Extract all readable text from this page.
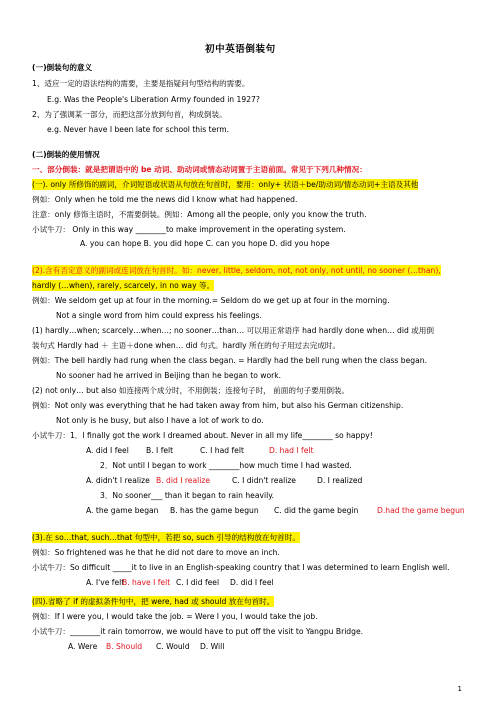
初中英语倒装句
(一)倒装句的意义
1、适应一定的语法结构的需要，主要是指疑问句型结构的需要。
E.g. Was the People's Liberation Army founded in 1927?
2、为了强调某一部分，而把这部分放到句首，构成倒装。
e.g. Never have I been late for school this term.
(二)倒装的使用情况
一、部分倒装：就是把谓语中的 be 动词、助动词或情态动词置于主语前面。常见于下列几种情况：
(一). only 所修饰的副词，介词短语或状语从句放在句首时，要用：only+ 状语＋be/助动词/情态动词+主语及其他
例如：Only when he told me the news did I know what had happened.
注意：only 修饰主语时，不需要倒装。例如：Among all the people, only you know the truth.
小试牛刀： Only in this way ________to make improvement in the operating system.
A. you can hope B. you did hope C. can you hope D. did you hope
(2).含有否定意义的副词或连词放在句首时。如：never, little, seldom, not, not only, not until, no sooner (…than),
hardly (…when), rarely, scarcely, in no way 等。
例如：We seldom get up at four in the morning.= Seldom do we get up at four in the morning.
Not a single word from him could express his feelings.
(1) hardly…when; scarcely…when…; no sooner…than… 可以用正常语序 had hardly done when… did 或用倒
装句式 Hardly had ＋ 主语＋done when… did 句式。hardly 所在的句子用过去完成时。
例如：The bell hardly had rung when the class began. = Hardly had the bell rung when the class began.
No sooner had he arrived in Beijing than he began to work.
(2) not only… but also 如连接两个成分时，不用倒装；连接句子时， 前面的句子要用倒装。
例如：Not only was everything that he had taken away from him, but also his German citizenship.
Not only is he busy, but also I have a lot of work to do.
小试牛刀：1．I finally got the work I dreamed about. Never in all my life________ so happy!
A. did I feel B. I felt	C. I had felt	D. had I felt
2．Not until I began to work ________how much time I had wasted.
A. didn't I realize B. did I realize	C. I didn't realize	D. I realized
3．No sooner___ than it began to rain heavily.
A. the game began B. has the game begun C. did the game begin D.had the game begun
(3).在 so…that, such…that 句型中，若把 so, such 引导的结构放在句首时。
例如：So frightened was he that he did not dare to move an inch.
小试牛刀：So difficult _____it to live in an English-speaking country that I was determined to learn English well.
A. I've felt
B. have I felt C. I did feel D. did I feel
(四).省略了 if 的虚拟条件句中，把 were, had 或 should 放在句首时。
例如：If I were you, I would take the job. = Were I you, I would take the job.
小试牛刀：________it rain tomorrow, we would have to put off the visit to Yangpu Bridge.
A. Were B. Should C. Would D. Will
1
